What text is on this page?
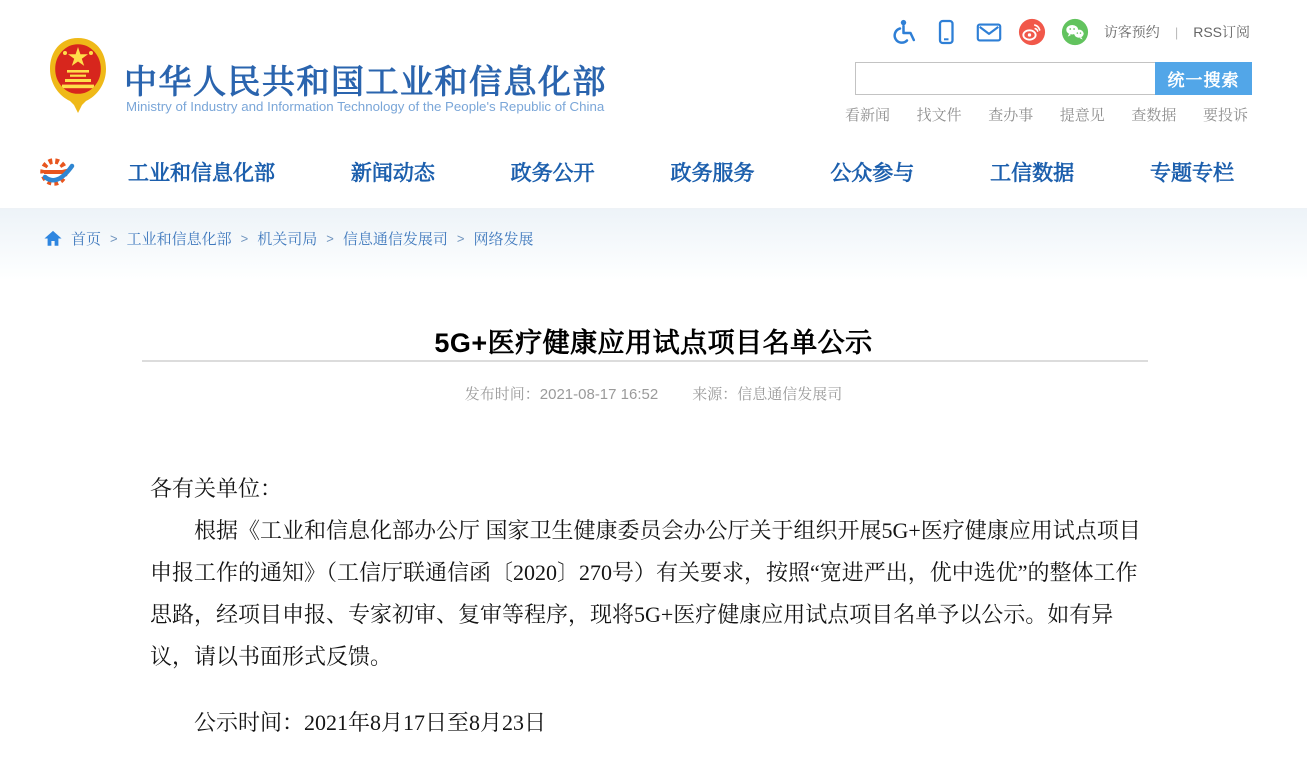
中华人民共和国工业和信息化部
Ministry of Industry and Information Technology of the People's Republic of China
访客预约 | RSS订阅
统一搜索
看新闻 找文件 查办事 提意见 查数据 要投诉
工业和信息化部	新闻动态	政务公开	政务服务	公众参与	工信数据	专题专栏
首页 > 工业和信息化部 > 机关司局 > 信息通信发展司 > 网络发展
5G+医疗健康应用试点项目名单公示
发布时间：2021-08-17 16:52 来源：信息通信发展司

各有关单位：

根据《工业和信息化部办公厅 国家卫生健康委员会办公厅关于组织开展5G+医疗健康应用试点项目申报工作的通知》（工信厅联通信函〔2020〕270号）有关要求，按照“宽进严出，优中选优”的整体工作思路，经项目申报、专家初审、复审等程序，现将5G+医疗健康应用试点项目名单予以公示。如有异议，请以书面形式反馈。

公示时间：2021年8月17日至8月23日
